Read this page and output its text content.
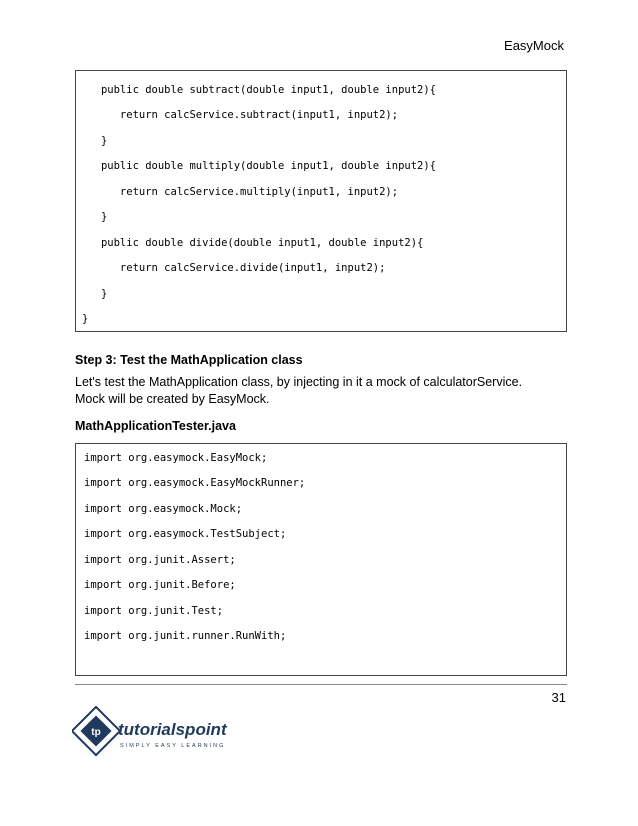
EasyMock
public double subtract(double input1, double input2){
return calcService.subtract(input1, input2);
}
public double multiply(double input1, double input2){
return calcService.multiply(input1, input2);
}
public double divide(double input1, double input2){
return calcService.divide(input1, input2);
}
}
Step 3: Test the MathApplication class
Let's test the MathApplication class, by injecting in it a mock of calculatorService.
Mock will be created by EasyMock.
MathApplicationTester.java
import org.easymock.EasyMock;
import org.easymock.EasyMockRunner;
import org.easymock.Mock;
import org.easymock.TestSubject;
import org.junit.Assert;
import org.junit.Before;
import org.junit.Test;
import org.junit.runner.RunWith;
31
tp tutorialspoint
SIMPLY EASY LEARNING
